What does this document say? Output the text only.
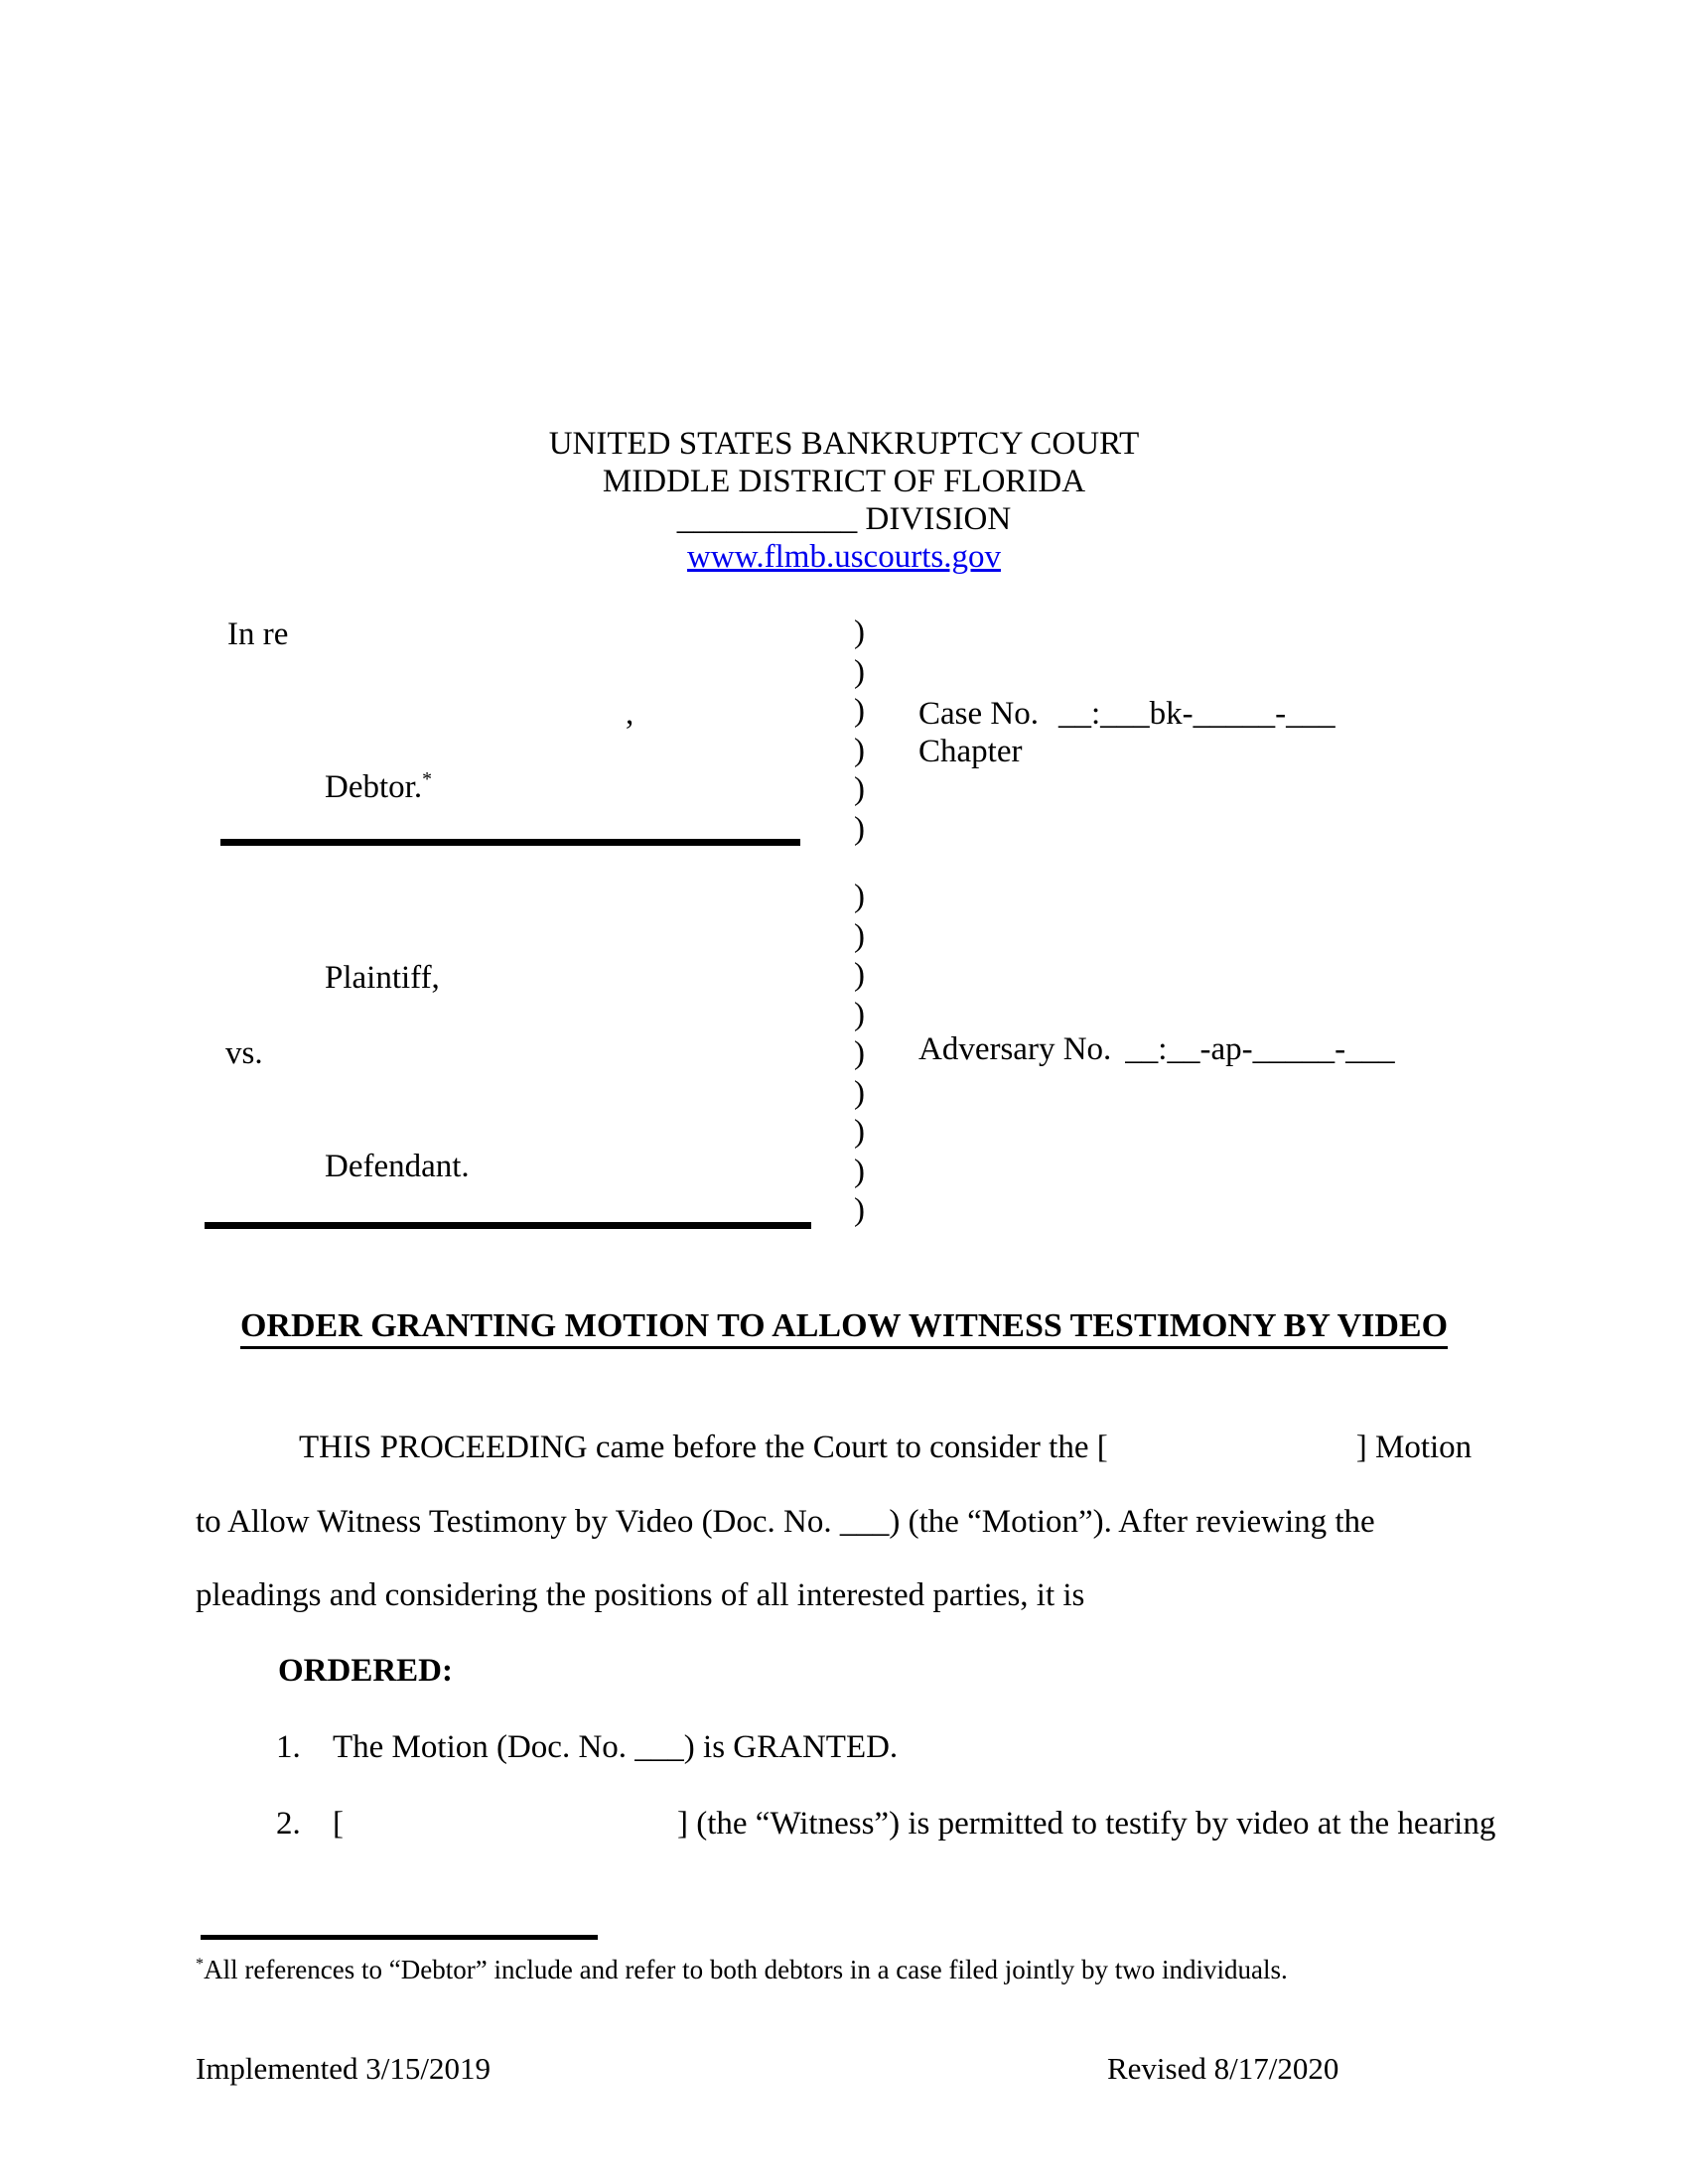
UNITED STATES BANKRUPTCY COURT
MIDDLE DISTRICT OF FLORIDA
___________ DIVISION
www.flmb.uscourts.gov
In re	)
)
)
)
)
)
,	Case No. __:___bk-_____-___
Chapter
Debtor.*
)
)
)
)
)
)
)
)
)
Plaintiff,
vs.	Adversary No. __:__-ap-_____-___
Defendant.
ORDER GRANTING MOTION TO ALLOW WITNESS TESTIMONY BY VIDEO
THIS PROCEEDING came before the Court to consider the [	] Motion
to Allow Witness Testimony by Video (Doc. No. ___) (the “Motion”). After reviewing the
pleadings and considering the positions of all interested parties, it is
ORDERED:
1. The Motion (Doc. No. ___) is GRANTED.
2. [	] (the “Witness”) is permitted to testify by video at the hearing
*All references to “Debtor” include and refer to both debtors in a case filed jointly by two individuals.
Implemented 3/15/2019	Revised 8/17/2020
